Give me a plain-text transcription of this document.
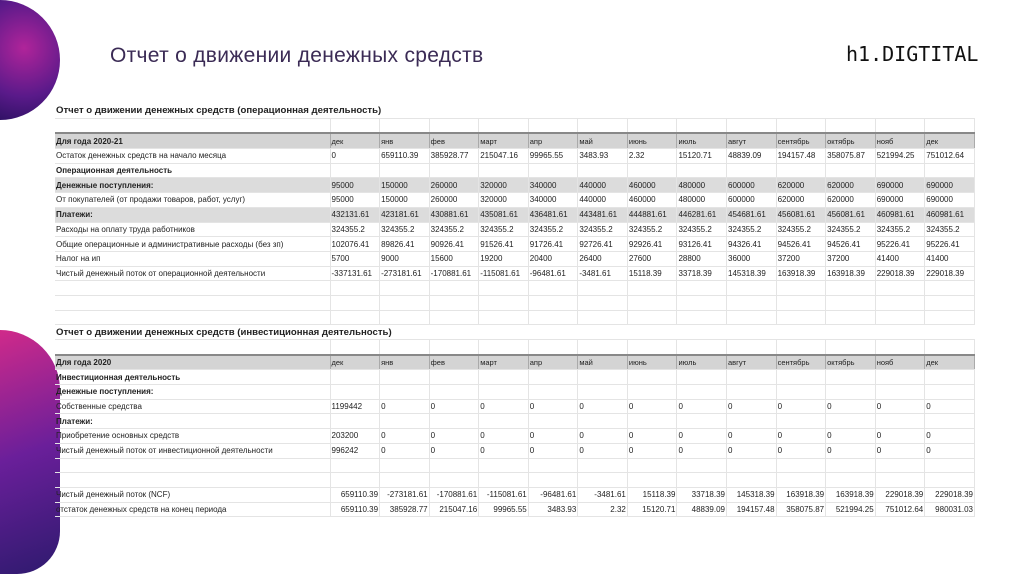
Отчет о движении денежных средств	h1.DIGTITAL
Отчет о движении денежных средств (операционная деятельность)													

Для года 2020-21	дек	янв	фев	март	апр	май	июнь	июль	авгут	сентябрь	октябрь	нояб	дек
Остаток денежных средств на начало месяца	0	659110.39	385928.77	215047.16	99965.55	3483.93	2.32	15120.71	48839.09	194157.48	358075.87	521994.25	751012.64
Операционная деятельность													
Денежные поступления:	95000	150000	260000	320000	340000	440000	460000	480000	600000	620000	620000	690000	690000
От покупателей (от продажи товаров, работ, услуг)	95000	150000	260000	320000	340000	440000	460000	480000	600000	620000	620000	690000	690000
Платежи:	432131.61	423181.61	430881.61	435081.61	436481.61	443481.61	444881.61	446281.61	454681.61	456081.61	456081.61	460981.61	460981.61
Расходы на оплату труда работников	324355.2	324355.2	324355.2	324355.2	324355.2	324355.2	324355.2	324355.2	324355.2	324355.2	324355.2	324355.2	324355.2
Общие операционные и административные расходы (без зп)	102076.41	89826.41	90926.41	91526.41	91726.41	92726.41	92926.41	93126.41	94326.41	94526.41	94526.41	95226.41	95226.41
Налог на ип	5700	9000	15600	19200	20400	26400	27600	28800	36000	37200	37200	41400	41400
Чистый денежный поток от операционной деятельности	-337131.61	-273181.61	-170881.61	-115081.61	-96481.61	-3481.61	15118.39	33718.39	145318.39	163918.39	163918.39	229018.39	229018.39

Отчет о движении денежных средств (инвестиционная деятельность)													

Для года 2020	дек	янв	фев	март	апр	май	июнь	июль	авгут	сентябрь	октябрь	нояб	дек
Инвестиционная деятельность													
Денежные поступления:													
Собственные средства	1199442	0	0	0	0	0	0	0	0	0	0	0	0
Платежи:													
Приобретение основных средств	203200	0	0	0	0	0	0	0	0	0	0	0	0
Чистый денежный поток от инвестиционной деятельности	996242	0	0	0	0	0	0	0	0	0	0	0	0

Чистый денежный поток (NCF)	659110.39	-273181.61	-170881.61	-115081.61	-96481.61	-3481.61	15118.39	33718.39	145318.39	163918.39	163918.39	229018.39	229018.39
отстаток денежных средств на конец периода	659110.39	385928.77	215047.16	99965.55	3483.93	2.32	15120.71	48839.09	194157.48	358075.87	521994.25	751012.64	980031.03
